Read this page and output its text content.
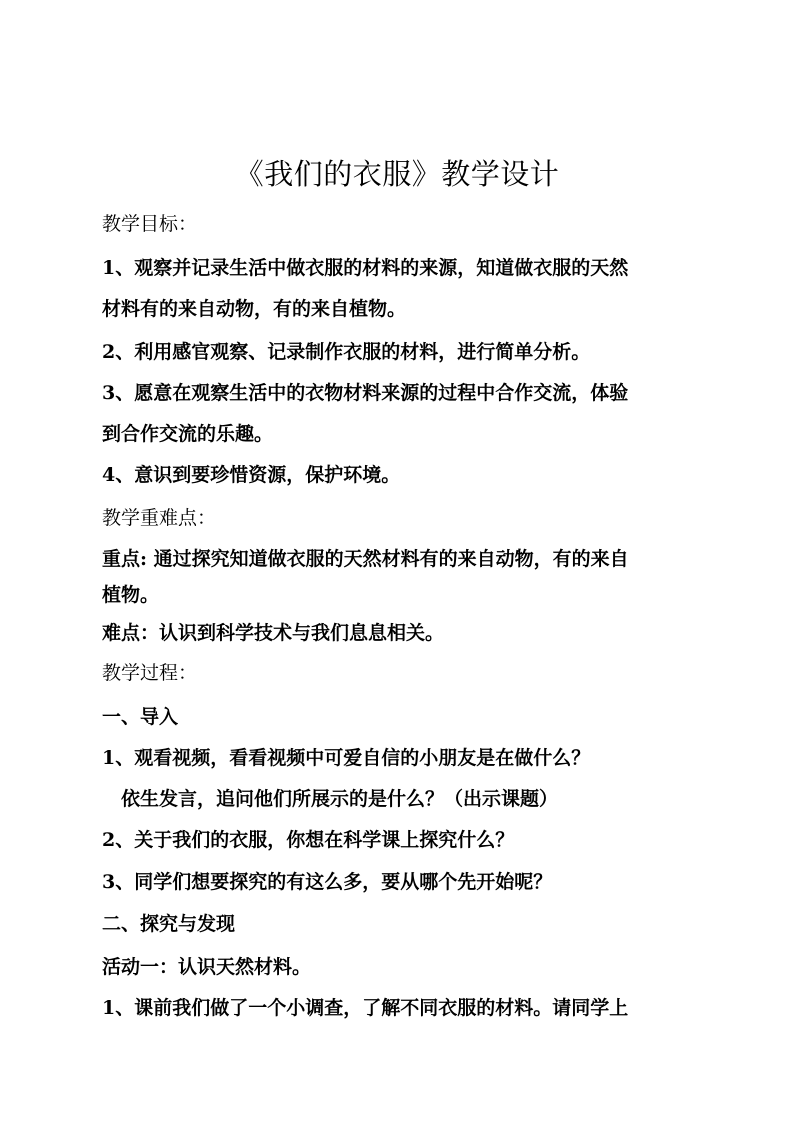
《我们的衣服》教学设计
教学目标：
1、观察并记录生活中做衣服的材料的来源，知道做衣服的天然
材料有的来自动物，有的来自植物。
2、利用感官观察、记录制作衣服的材料，进行简单分析。
3、愿意在观察生活中的衣物材料来源的过程中合作交流，体验
到合作交流的乐趣。
4、意识到要珍惜资源，保护环境。
教学重难点：
重点: 通过探究知道做衣服的天然材料有的来自动物，有的来自
植物。
难点：认识到科学技术与我们息息相关。
教学过程：
一、导入
1、观看视频，看看视频中可爱自信的小朋友是在做什么？
依生发言，追问他们所展示的是什么？（出示课题）
2、关于我们的衣服，你想在科学课上探究什么？
3、同学们想要探究的有这么多，要从哪个先开始呢？
二、探究与发现
活动一：认识天然材料。
1、课前我们做了一个小调查，了解不同衣服的材料。请同学上
